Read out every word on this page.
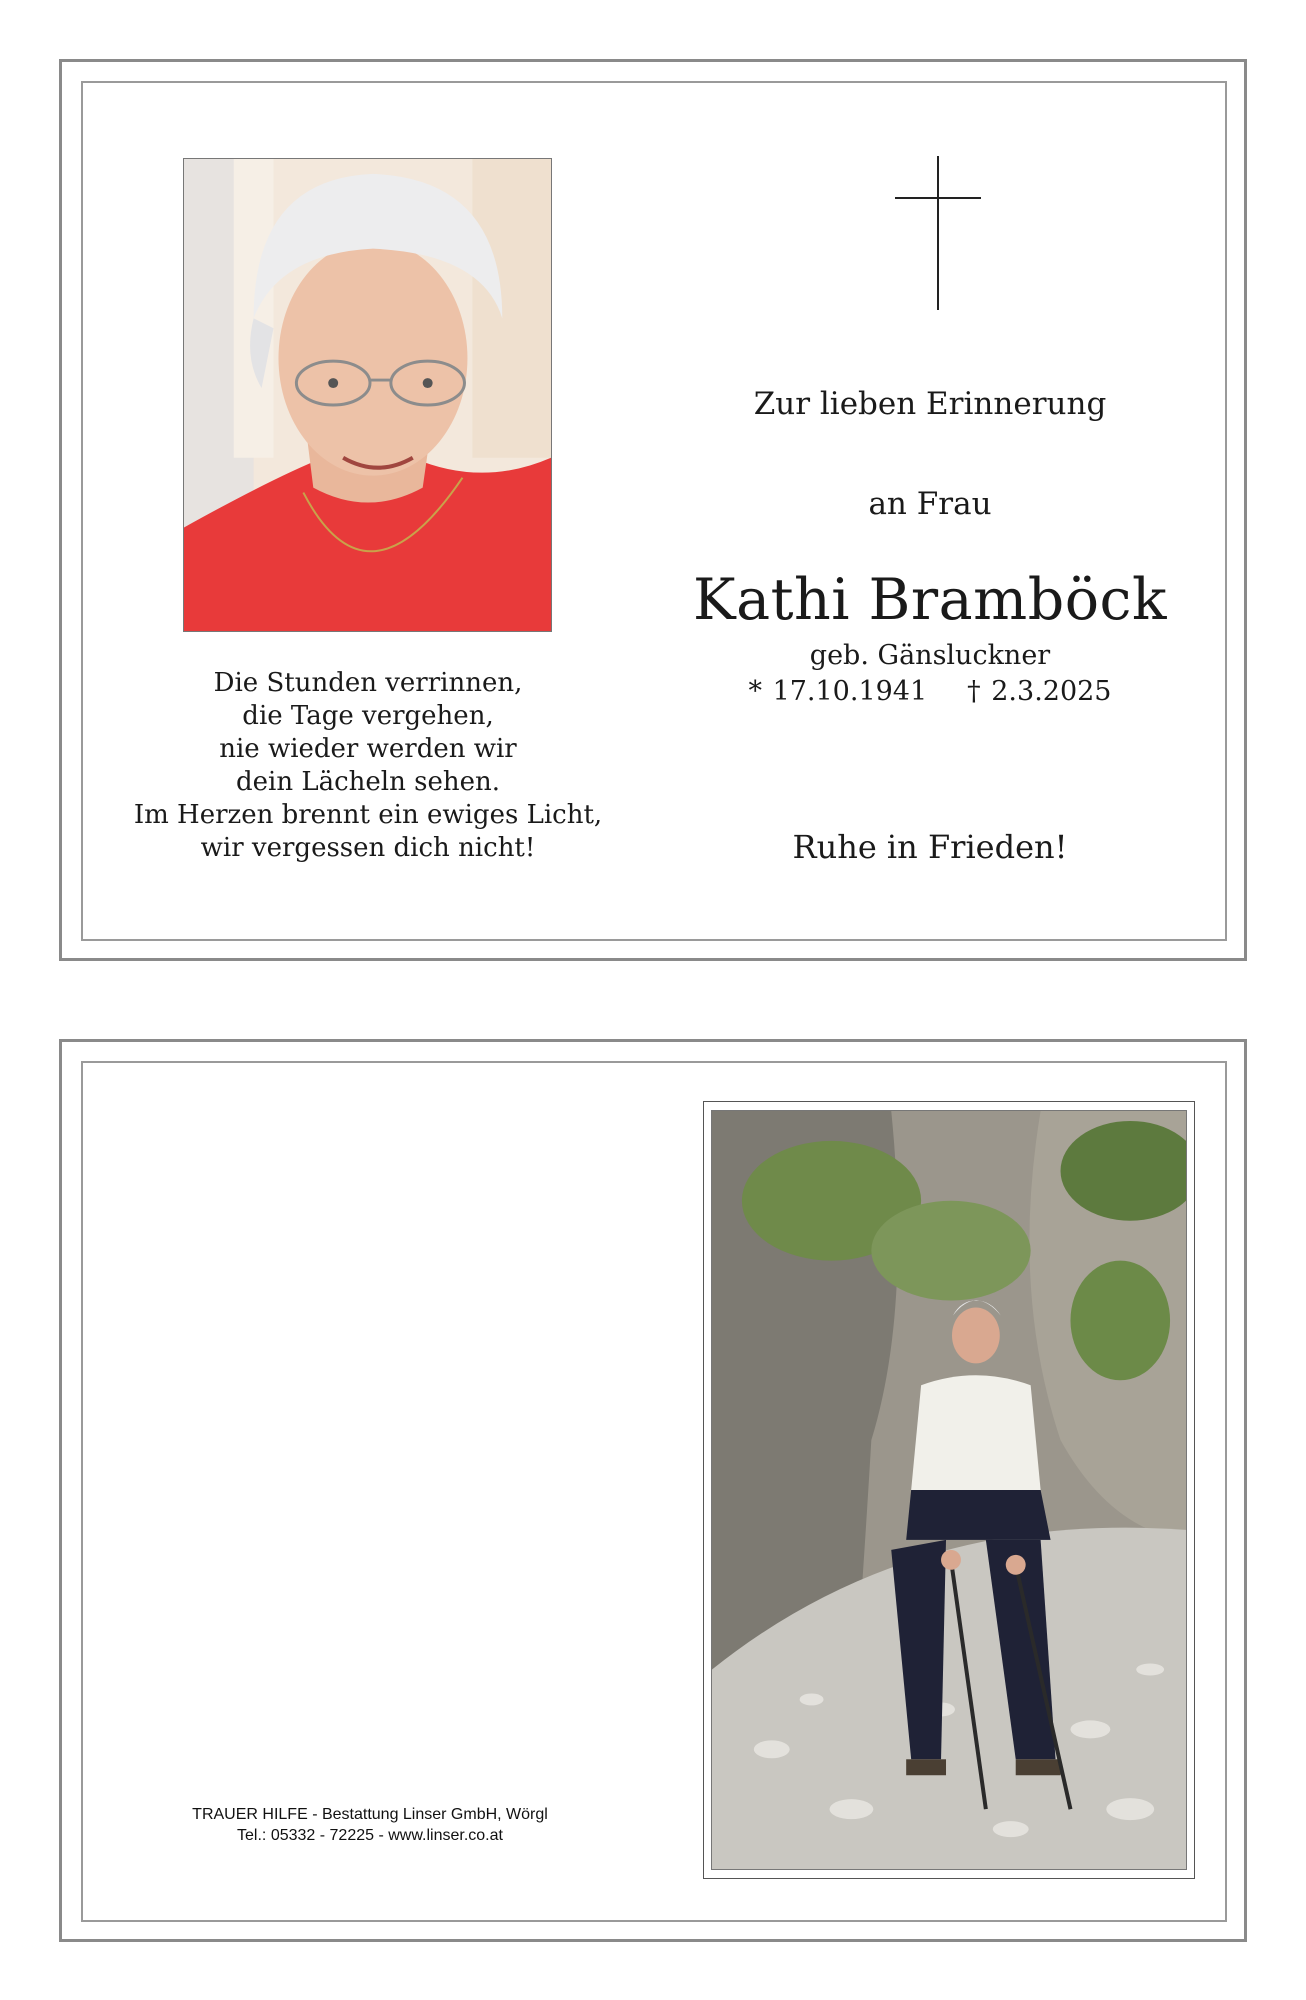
Zur lieben Erinnerung
an Frau
Kathi Bramböck
geb. Gänsluckner
* 17.10.1941 † 2.3.2025
Ruhe in Frieden!
Die Stunden verrinnen,
die Tage vergehen,
nie wieder werden wir
dein Lächeln sehen.
Im Herzen brennt ein ewiges Licht,
wir vergessen dich nicht!
TRAUER HILFE - Bestattung Linser GmbH, Wörgl
Tel.: 05332 - 72225 - www.linser.co.at
